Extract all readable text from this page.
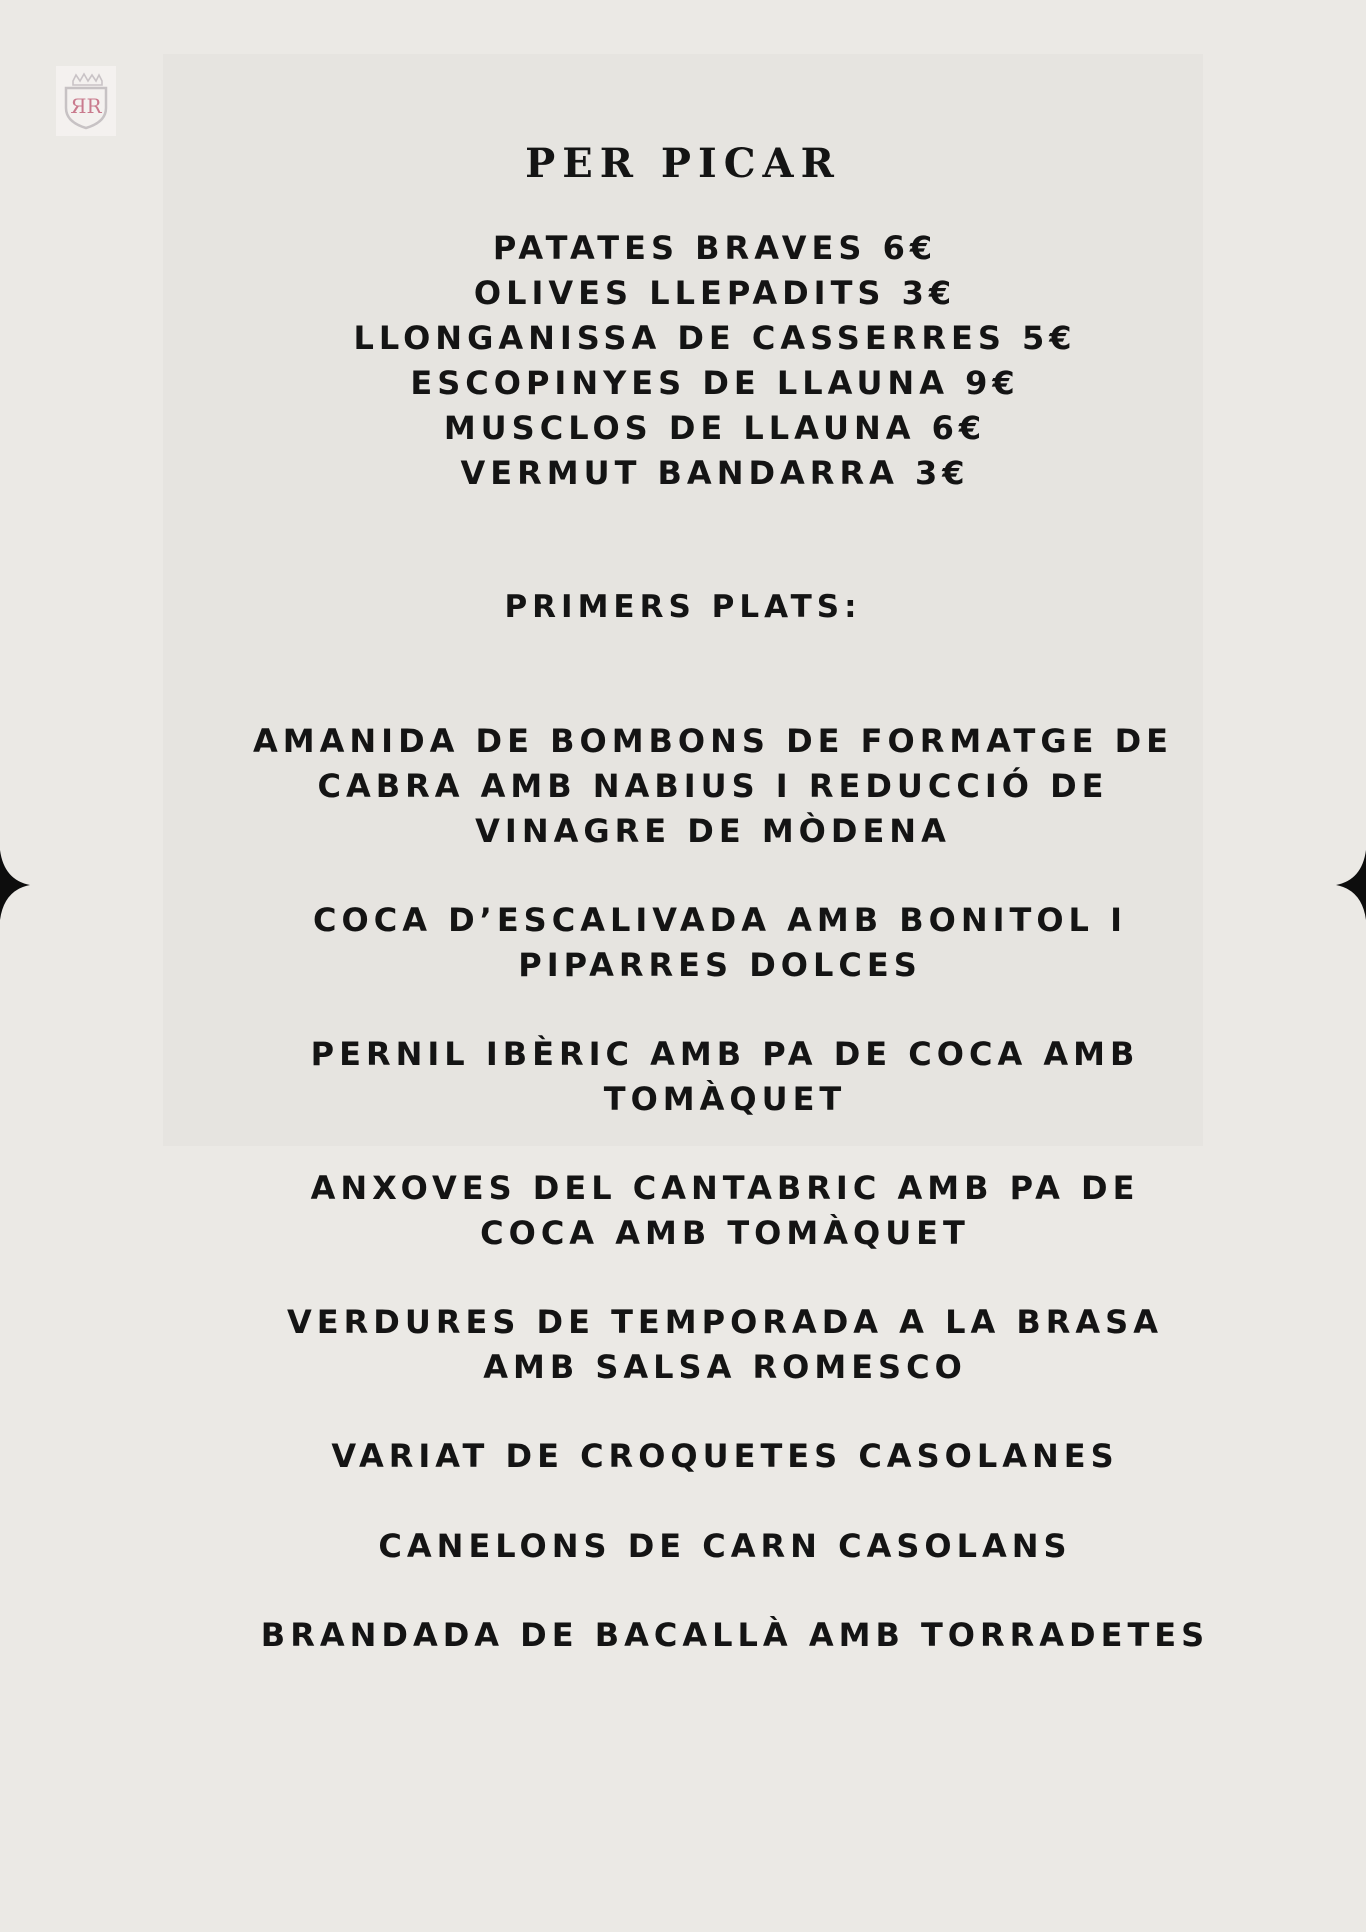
ЯR
PER PICAR
PATATES BRAVES 6€
OLIVES LLEPADITS 3€
LLONGANISSA DE CASSERRES 5€
ESCOPINYES DE LLAUNA 9€
MUSCLOS DE LLAUNA 6€
VERMUT BANDARRA 3€
PRIMERS PLATS:
AMANIDA DE BOMBONS DE FORMATGE DE CABRA AMB NABIUS I REDUCCIÓ DE VINAGRE DE MÒDENA
COCA D’ESCALIVADA AMB BONITOL I PIPARRES DOLCES
PERNIL IBÈRIC AMB PA DE COCA AMB TOMÀQUET
ANXOVES DEL CANTABRIC AMB PA DE COCA AMB TOMÀQUET
VERDURES DE TEMPORADA A LA BRASA AMB SALSA ROMESCO
VARIAT DE CROQUETES CASOLANES
CANELONS DE CARN CASOLANS
BRANDADA DE BACALLÀ AMB TORRADETES
